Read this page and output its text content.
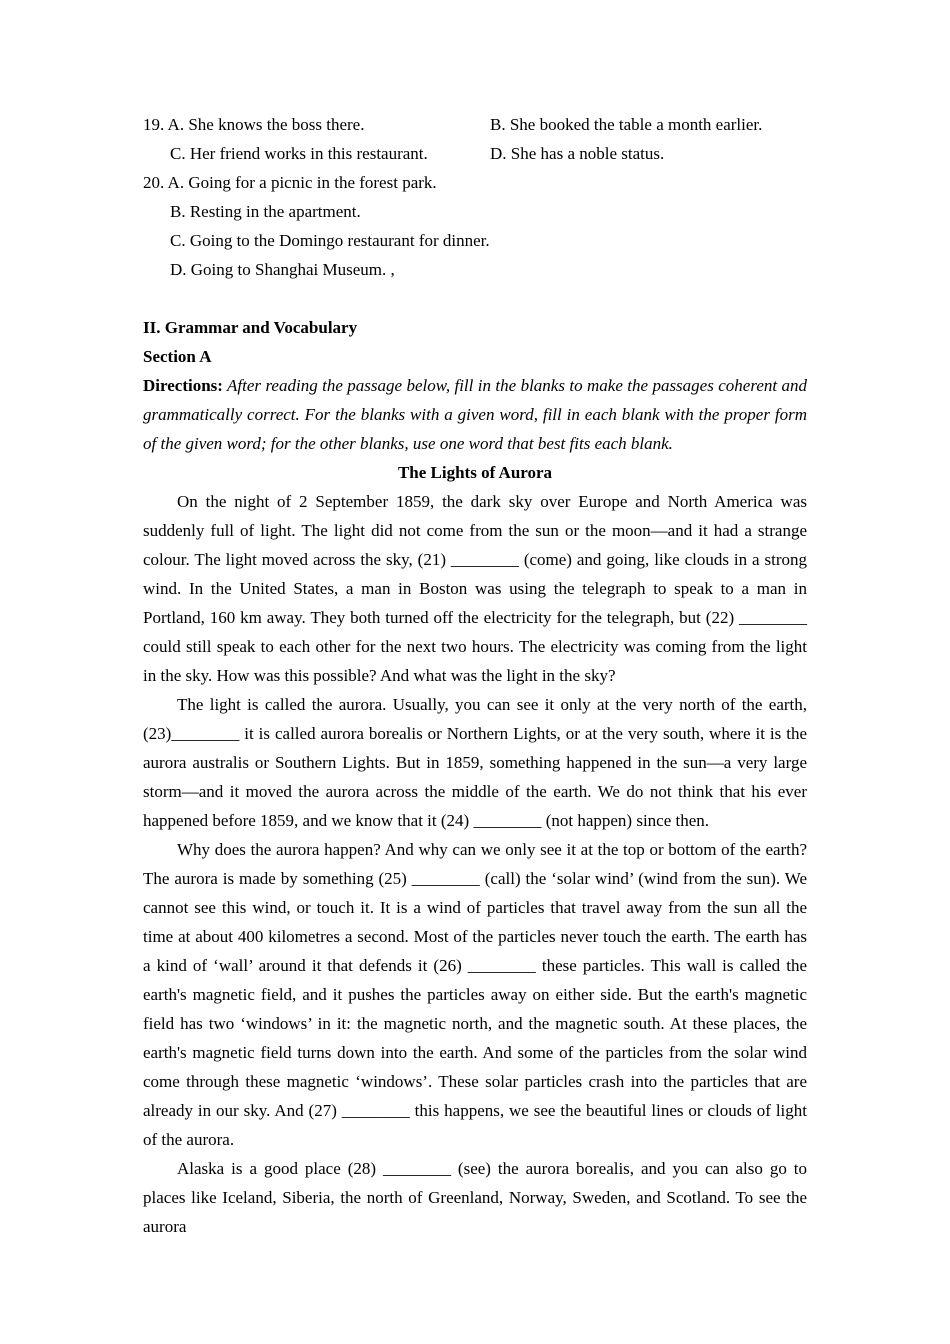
19. A. She knows the boss there.	B. She booked the table a month earlier.
C. Her friend works in this restaurant.	D. She has a noble status.
20. A. Going for a picnic in the forest park.
B. Resting in the apartment.
C. Going to the Domingo restaurant for dinner.
D. Going to Shanghai Museum. ,
II. Grammar and Vocabulary
Section A

Directions: After reading the passage below, fill in the blanks to make the passages coherent and grammatically correct. For the blanks with a given word, fill in each blank with the proper form of the given word; for the other blanks, use one word that best fits each blank.

The Lights of Aurora

On the night of 2 September 1859, the dark sky over Europe and North America was suddenly full of light. The light did not come from the sun or the moon—and it had a strange colour. The light moved across the sky, (21) ________ (come) and going, like clouds in a strong wind. In the United States, a man in Boston was using the telegraph to speak to a man in Portland, 160 km away. They both turned off the electricity for the telegraph, but (22) ________ could still speak to each other for the next two hours. The electricity was coming from the light in the sky. How was this possible? And what was the light in the sky?

The light is called the aurora. Usually, you can see it only at the very north of the earth, (23)________ it is called aurora borealis or Northern Lights, or at the very south, where it is the aurora australis or Southern Lights. But in 1859, something happened in the sun—a very large storm—and it moved the aurora across the middle of the earth. We do not think that his ever happened before 1859, and we know that it (24) ________ (not happen) since then.

Why does the aurora happen? And why can we only see it at the top or bottom of the earth? The aurora is made by something (25) ________ (call) the ‘solar wind’ (wind from the sun). We cannot see this wind, or touch it. It is a wind of particles that travel away from the sun all the time at about 400 kilometres a second. Most of the particles never touch the earth. The earth has a kind of ‘wall’ around it that defends it (26) ________ these particles. This wall is called the earth's magnetic field, and it pushes the particles away on either side. But the earth's magnetic field has two ‘windows’ in it: the magnetic north, and the magnetic south. At these places, the earth's magnetic field turns down into the earth. And some of the particles from the solar wind come through these magnetic ‘windows’. These solar particles crash into the particles that are already in our sky. And (27) ________ this happens, we see the beautiful lines or clouds of light of the aurora.

Alaska is a good place (28) ________ (see) the aurora borealis, and you can also go to places like Iceland, Siberia, the north of Greenland, Norway, Sweden, and Scotland. To see the aurora
